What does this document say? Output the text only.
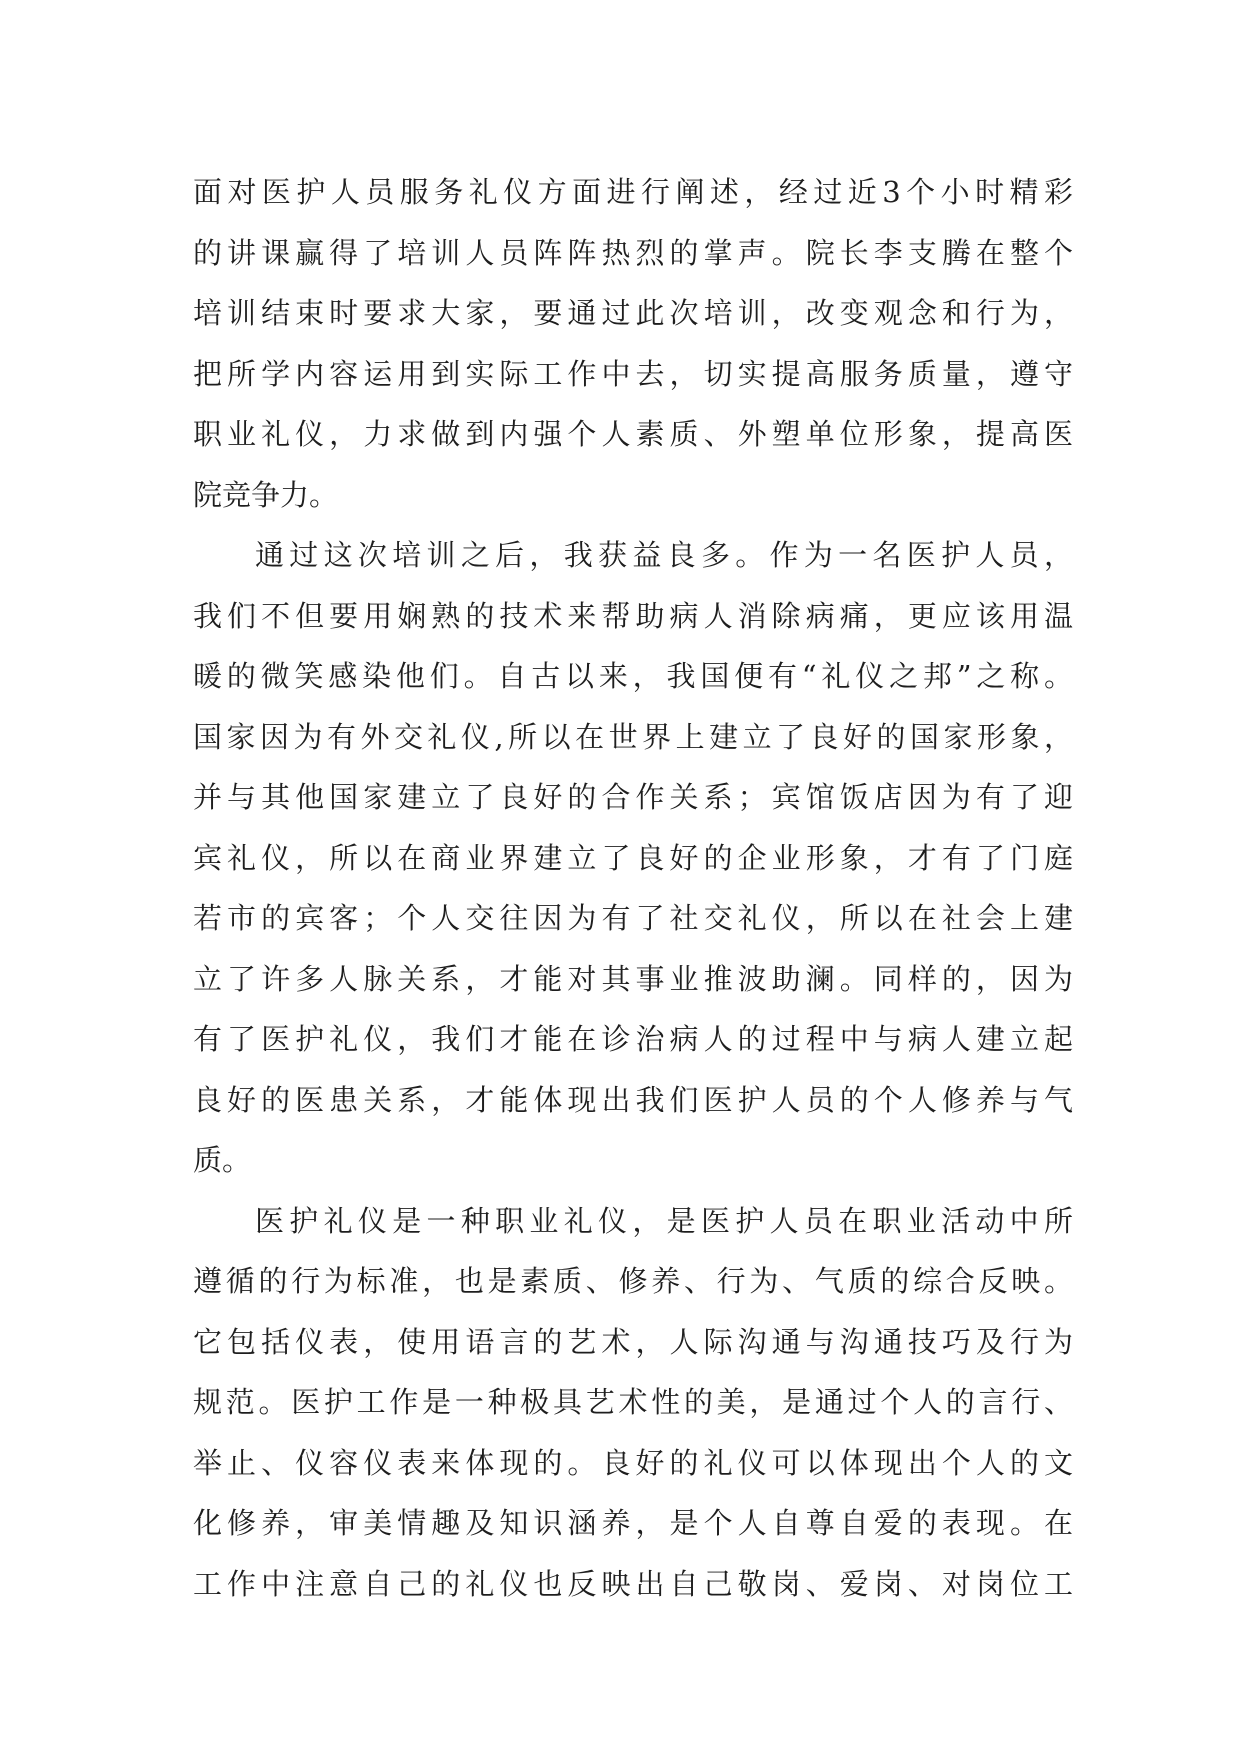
面对医护人员服务礼仪方面进行阐述，经过近3个小时精彩
的讲课赢得了培训人员阵阵热烈的掌声。院长李支腾在整个
培训结束时要求大家，要通过此次培训，改变观念和行为，
把所学内容运用到实际工作中去，切实提高服务质量，遵守
职业礼仪，力求做到内强个人素质、外塑单位形象，提高医
院竞争力。
通过这次培训之后，我获益良多。作为一名医护人员，
我们不但要用娴熟的技术来帮助病人消除病痛，更应该用温
暖的微笑感染他们。自古以来，我国便有“礼仪之邦”之称。
国家因为有外交礼仪,所以在世界上建立了良好的国家形象，
并与其他国家建立了良好的合作关系；宾馆饭店因为有了迎
宾礼仪，所以在商业界建立了良好的企业形象，才有了门庭
若市的宾客；个人交往因为有了社交礼仪，所以在社会上建
立了许多人脉关系，才能对其事业推波助澜。同样的，因为
有了医护礼仪，我们才能在诊治病人的过程中与病人建立起
良好的医患关系，才能体现出我们医护人员的个人修养与气
质。
医护礼仪是一种职业礼仪，是医护人员在职业活动中所
遵循的行为标准，也是素质、修养、行为、气质的综合反映。
它包括仪表，使用语言的艺术，人际沟通与沟通技巧及行为
规范。医护工作是一种极具艺术性的美，是通过个人的言行、
举止、仪容仪表来体现的。良好的礼仪可以体现出个人的文
化修养，审美情趣及知识涵养，是个人自尊自爱的表现。在
工作中注意自己的礼仪也反映出自己敬岗、爱岗、对岗位工
